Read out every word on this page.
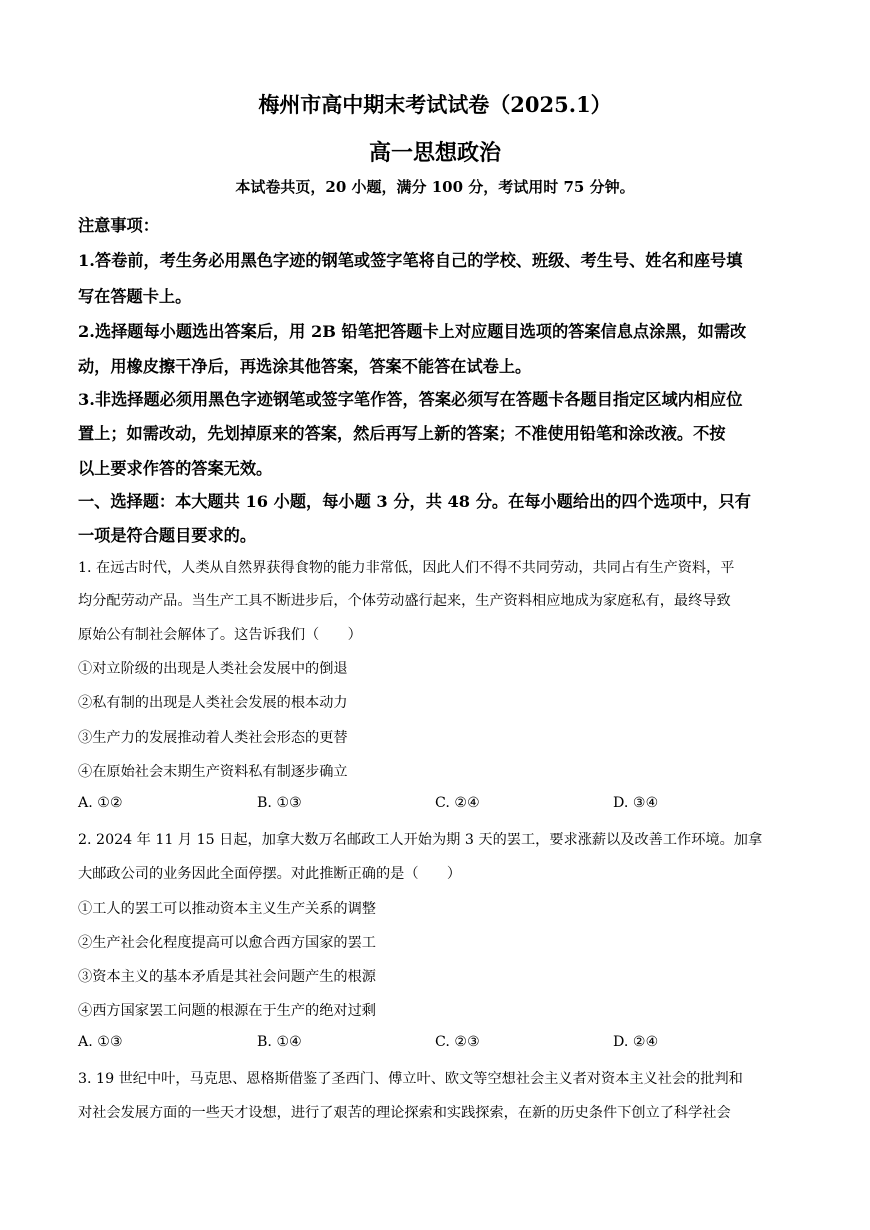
梅州市高中期末考试试卷（2025.1）
高一思想政治
本试卷共页，20 小题，满分 100 分，考试用时 75 分钟。
注意事项：
1.答卷前，考生务必用黑色字迹的钢笔或签字笔将自己的学校、班级、考生号、姓名和座号填
写在答题卡上。
2.选择题每小题选出答案后，用 2B 铅笔把答题卡上对应题目选项的答案信息点涂黑，如需改
动，用橡皮擦干净后，再选涂其他答案，答案不能答在试卷上。
3.非选择题必须用黑色字迹钢笔或签字笔作答，答案必须写在答题卡各题目指定区域内相应位
置上；如需改动，先划掉原来的答案，然后再写上新的答案；不准使用铅笔和涂改液。不按
以上要求作答的答案无效。
一、选择题：本大题共 16 小题，每小题 3 分，共 48 分。在每小题给出的四个选项中，只有
一项是符合题目要求的。
1. 在远古时代，人类从自然界获得食物的能力非常低，因此人们不得不共同劳动，共同占有生产资料，平
均分配劳动产品。当生产工具不断进步后，个体劳动盛行起来，生产资料相应地成为家庭私有，最终导致
原始公有制社会解体了。这告诉我们（　　）
①对立阶级的出现是人类社会发展中的倒退
②私有制的出现是人类社会发展的根本动力
③生产力的发展推动着人类社会形态的更替
④在原始社会末期生产资料私有制逐步确立
A. ①②	B. ①③	C. ②④	D. ③④
2. 2024 年 11 月 15 日起，加拿大数万名邮政工人开始为期 3 天的罢工，要求涨薪以及改善工作环境。加拿
大邮政公司的业务因此全面停摆。对此推断正确的是（　　）
①工人的罢工可以推动资本主义生产关系的调整
②生产社会化程度提高可以愈合西方国家的罢工
③资本主义的基本矛盾是其社会问题产生的根源
④西方国家罢工问题的根源在于生产的绝对过剩
A. ①③	B. ①④	C. ②③	D. ②④
3. 19 世纪中叶，马克思、恩格斯借鉴了圣西门、傅立叶、欧文等空想社会主义者对资本主义社会的批判和
对社会发展方面的一些天才设想，进行了艰苦的理论探索和实践探索，在新的历史条件下创立了科学社会
